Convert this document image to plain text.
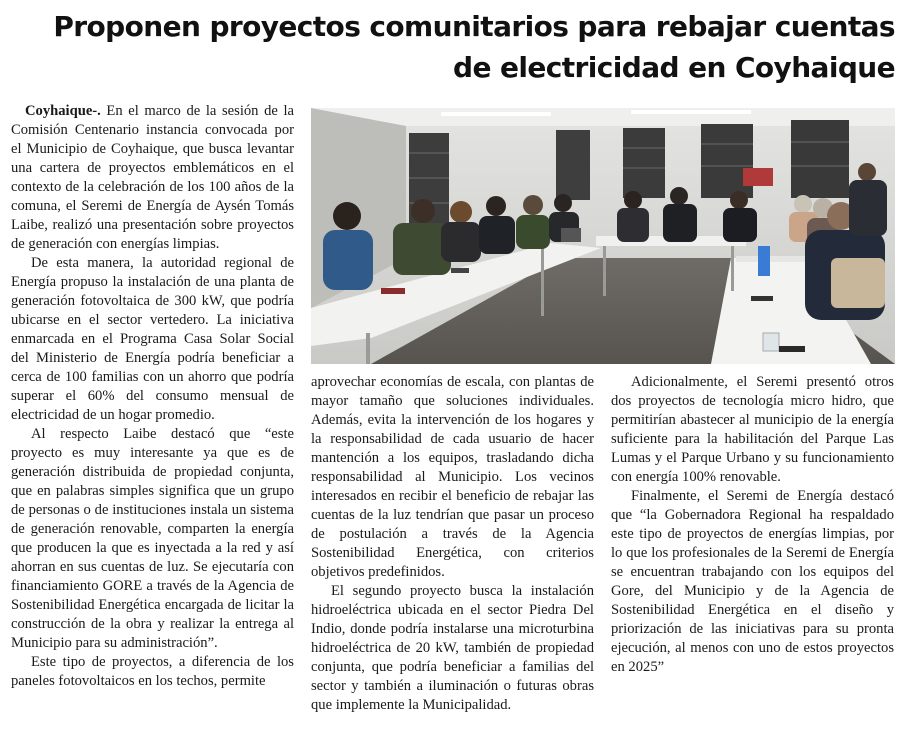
Proponen proyectos comunitarios para rebajar cuentas de electricidad en Coyhaique

Coyhaique-. En el marco de la sesión de la Comisión Centenario instancia convocada por el Municipio de Coyhaique, que busca levantar una cartera de proyectos emblemáticos en el contexto de la celebración de los 100 años de la comuna, el Seremi de Energía de Aysén Tomás Laibe, realizó una presentación sobre proyectos de generación con energías limpias.

De esta manera, la autoridad regional de Energía propuso la instalación de una planta de generación fotovoltaica de 300 kW, que podría ubicarse en el sector vertedero. La iniciativa enmarcada en el Programa Casa Solar Social del Ministerio de Energía podría beneficiar a cerca de 100 familias con un ahorro que podría superar el 60% del consumo mensual de electricidad de un hogar promedio.

Al respecto Laibe destacó que “este proyecto es muy interesante ya que es de generación distribuida de propiedad conjunta, que en palabras simples significa que un grupo de personas o de instituciones instala un sistema de generación renovable, comparten la energía que producen la que es inyectada a la red y así ahorran en sus cuentas de luz. Se ejecutaría con financiamiento GORE a través de la Agencia de Sostenibilidad Energética encargada de licitar la construcción de la obra y realizar la entrega al Municipio para su administración”.

Este tipo de proyectos, a diferencia de los paneles fotovoltaicos en los techos, permite

aprovechar economías de escala, con plantas de mayor tamaño que soluciones individuales. Además, evita la intervención de los hogares y la responsabilidad de cada usuario de hacer mantención a los equipos, trasladando dicha responsabilidad al Municipio. Los vecinos interesados en recibir el beneficio de rebajar las cuentas de la luz tendrían que pasar un proceso de postulación a través de la Agencia Sostenibilidad Energética, con criterios objetivos predefinidos.

El segundo proyecto busca la instalación hidroeléctrica ubicada en el sector Piedra Del Indio, donde podría instalarse una microturbina hidroeléctrica de 20 kW, también de propiedad conjunta, que podría beneficiar a familias del sector y también a iluminación o futuras obras que implemente la Municipalidad.

Adicionalmente, el Seremi presentó otros dos proyectos de tecnología micro hidro, que permitirían abastecer al municipio de la energía suficiente para la habilitación del Parque Las Lumas y el Parque Urbano y su funcionamiento con energía 100% renovable.

Finalmente, el Seremi de Energía destacó que “la Gobernadora Regional ha respaldado este tipo de proyectos de energías limpias, por lo que los profesionales de la Seremi de Energía se encuentran trabajando con los equipos del Gore, del Municipio y de la Agencia de Sostenibilidad Energética en el diseño y priorización de las iniciativas para su pronta ejecución, al menos con uno de estos proyectos en 2025”
